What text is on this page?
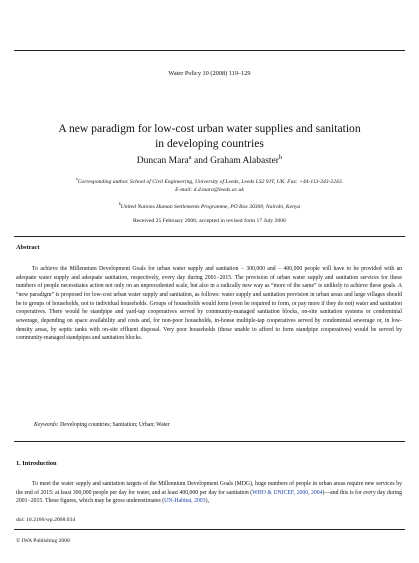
Water Policy 10 (2008) 119–129
A new paradigm for low-cost urban water supplies and sanitation
in developing countries
Duncan Mara$^a$ and Graham Alabaster$^b$
$^a$Corresponding author. School of Civil Engineering, University of Leeds, Leeds LS2 9JT, UK. Fax: +44-113-343-2243.
E-mail: d.d.mara@leeds.ac.uk
$^b$United Nations Human Settlements Programme, PO Box 30300, Nairobi, Kenya
Received 25 February 2006; accepted in revised form 17 July 2006
Abstract

To achieve the Millennium Development Goals for urban water supply and sanitation − 300,000 and − 400,000 people will have to be provided with an adequate water supply and adequate sanitation, respectively, every day during 2001−2015. The provision of urban water supply and sanitation services for these numbers of people necessitates action not only on an unprecedented scale, but also in a radically new way as “more of the same” is unlikely to achieve these goals. A “new paradigm” is proposed for low-cost urban water supply and sanitation, as follows: water supply and sanitation provision in urban areas and large villages should be to groups of households, not to individual households. Groups of households would form (even be required to form, or pay more if they do not) water and sanitation cooperatives. There would be standpipe and yard-tap cooperatives served by community-managed sanitation blocks, on-site sanitation systems or condominial sewerage, depending on space availability and costs and, for non-poor households, in-house multiple-tap cooperatives served by condominial sewerage or, in low-density areas, by septic tanks with on-site effluent disposal. Very poor households (those unable to afford to form standpipe cooperatives) would be served by community-managed standpipes and sanitation blocks.

Keywords: Developing countries; Sanitation; Urban; Water
1. Introduction

To meet the water supply and sanitation targets of the Millennium Development Goals (MDG), huge numbers of people in urban areas require new services by the end of 2015: at least 300,000 people per day for water, and at least 400,000 per day for sanitation (WHO & UNICEF, 2000, 2004)—and this is for every day during 2001−2015. These figures, which may be gross underestimates (UN-Habitat, 2003),

doi: 10.2166/wp.2008.034
© IWA Publishing 2008
